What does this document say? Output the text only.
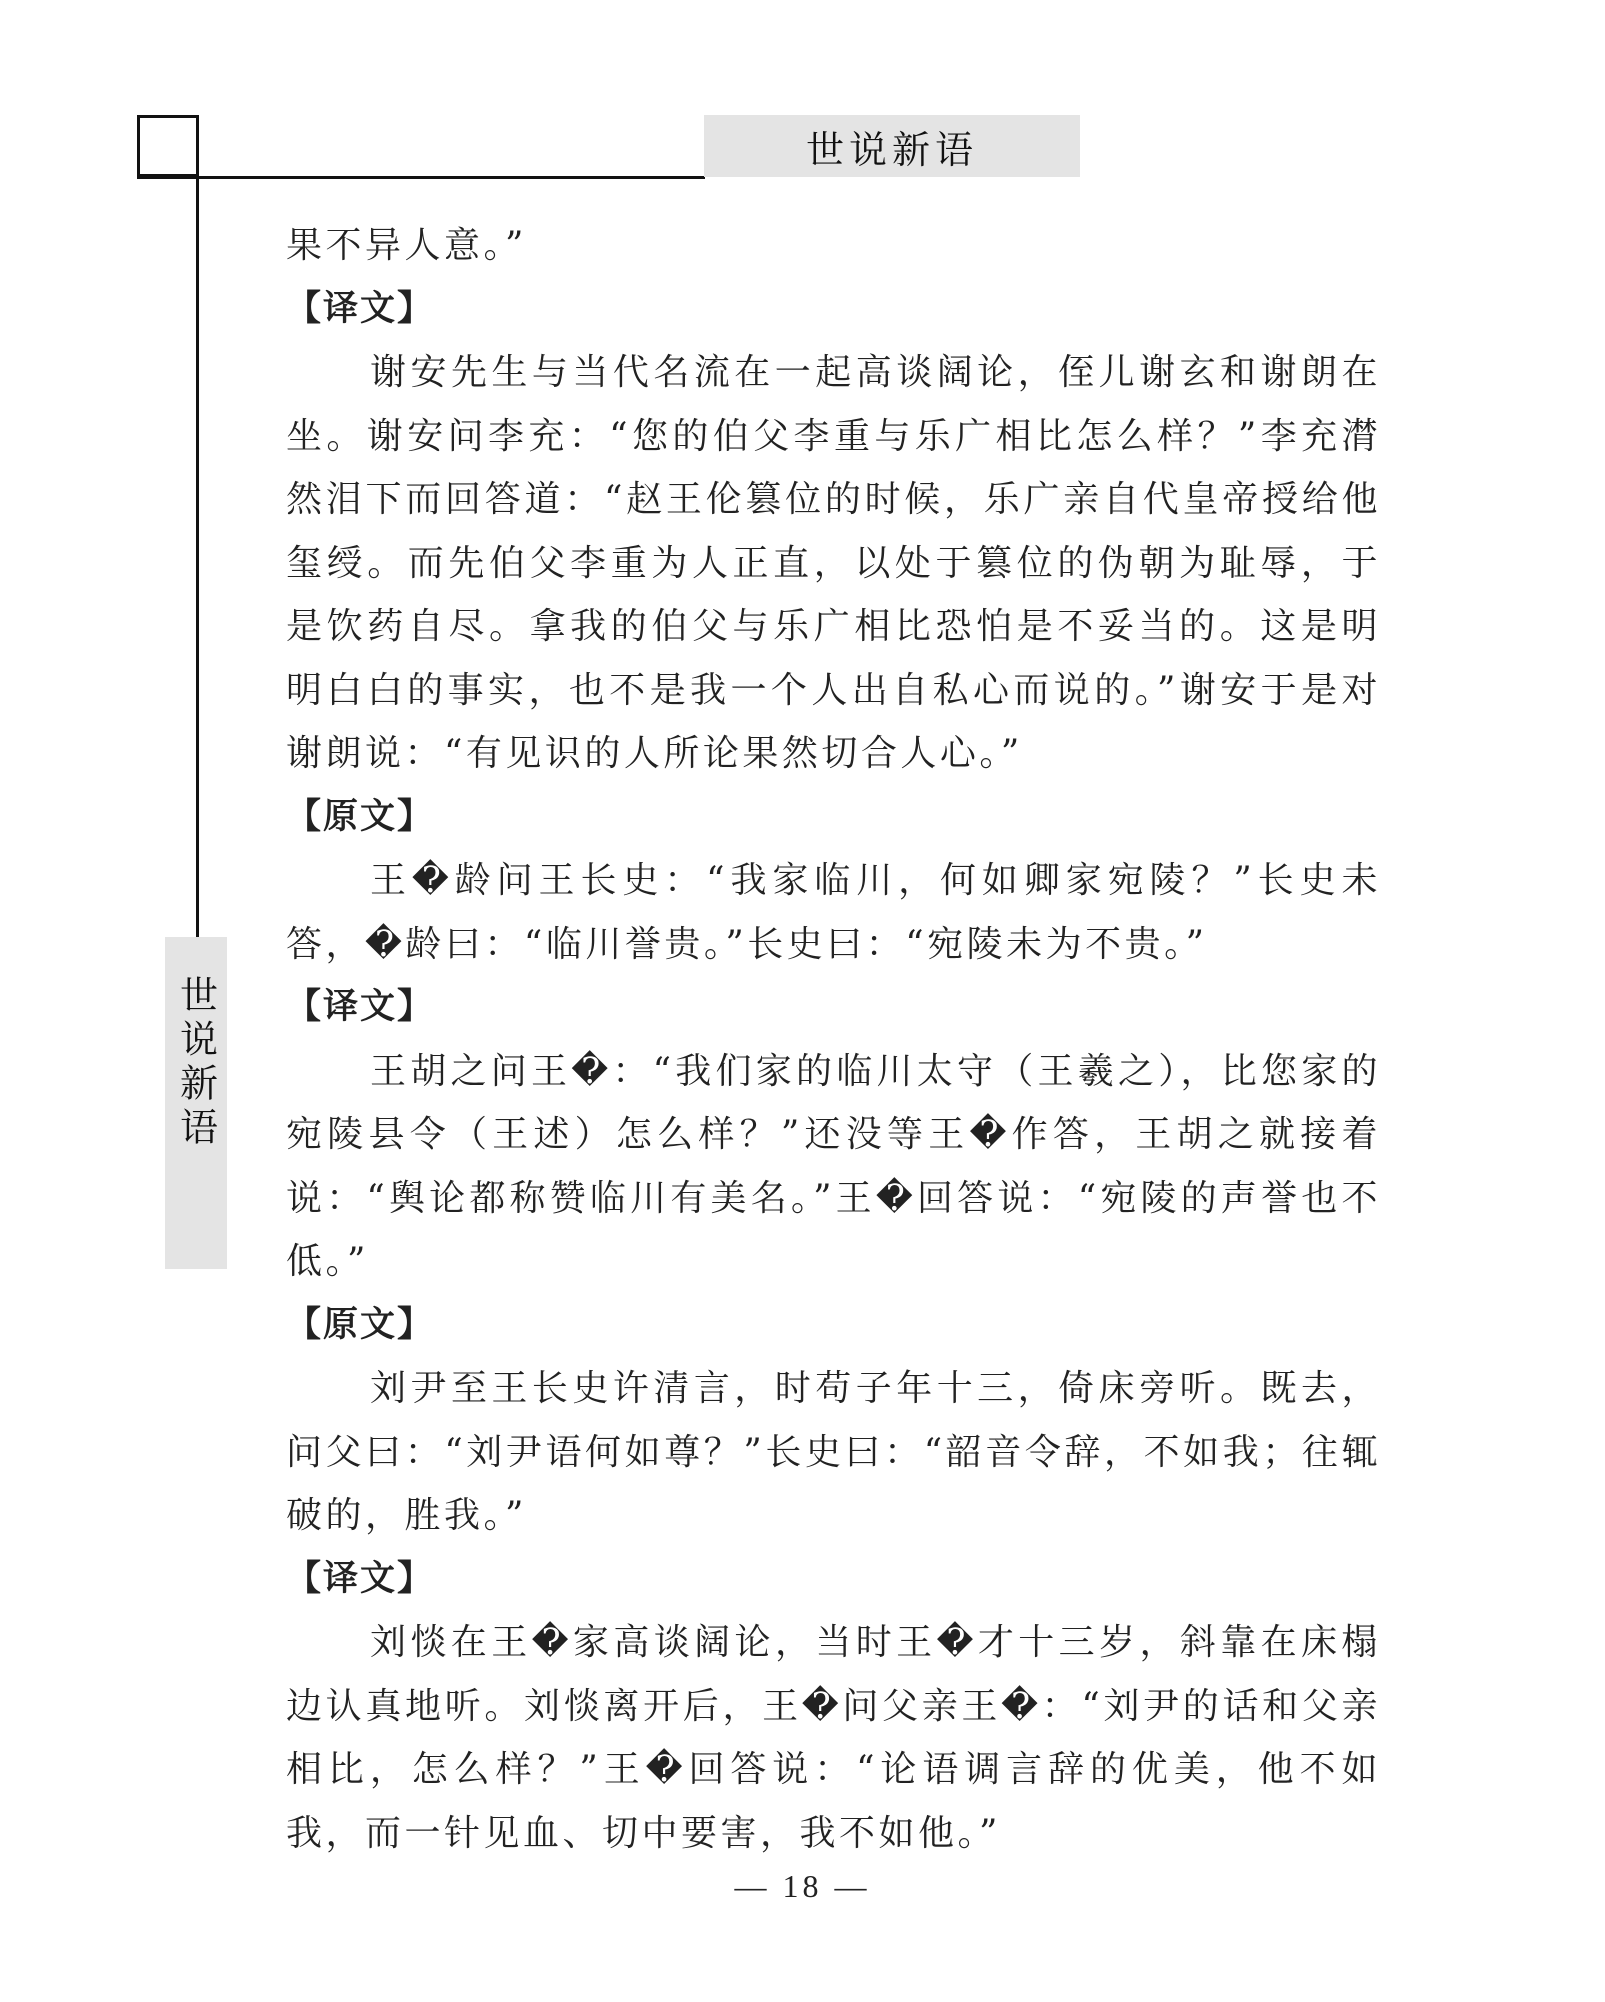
世说新语
世说新语

果不异人意。”

【译文】

谢安先生与当代名流在一起高谈阔论，侄儿谢玄和谢朗在坐。谢安问李充：“您的伯父李重与乐广相比怎么样？”李充潸然泪下而回答道：“赵王伦篡位的时候，乐广亲自代皇帝授给他玺绶。而先伯父李重为人正直，以处于篡位的伪朝为耻辱，于是饮药自尽。拿我的伯父与乐广相比恐怕是不妥当的。这是明明白白的事实，也不是我一个人出自私心而说的。”谢安于是对谢朗说：“有见识的人所论果然切合人心。”

【原文】

王�龄问王长史：“我家临川，何如卿家宛陵？”长史未答，�龄曰：“临川誉贵。”长史曰：“宛陵未为不贵。”

【译文】

王胡之问王�：“我们家的临川太守（王羲之），比您家的宛陵县令（王述）怎么样？”还没等王�作答，王胡之就接着说：“舆论都称赞临川有美名。”王�回答说：“宛陵的声誉也不低。”

【原文】

刘尹至王长史许清言，时苟子年十三，倚床旁听。既去，问父曰：“刘尹语何如尊？”长史曰：“韶音令辞，不如我；往辄破的，胜我。”

【译文】

刘惔在王�家高谈阔论，当时王�才十三岁，斜靠在床榻边认真地听。刘惔离开后，王�问父亲王�：“刘尹的话和父亲相比，怎么样？”王�回答说：“论语调言辞的优美，他不如我，而一针见血、切中要害，我不如他。”

— 18 —
